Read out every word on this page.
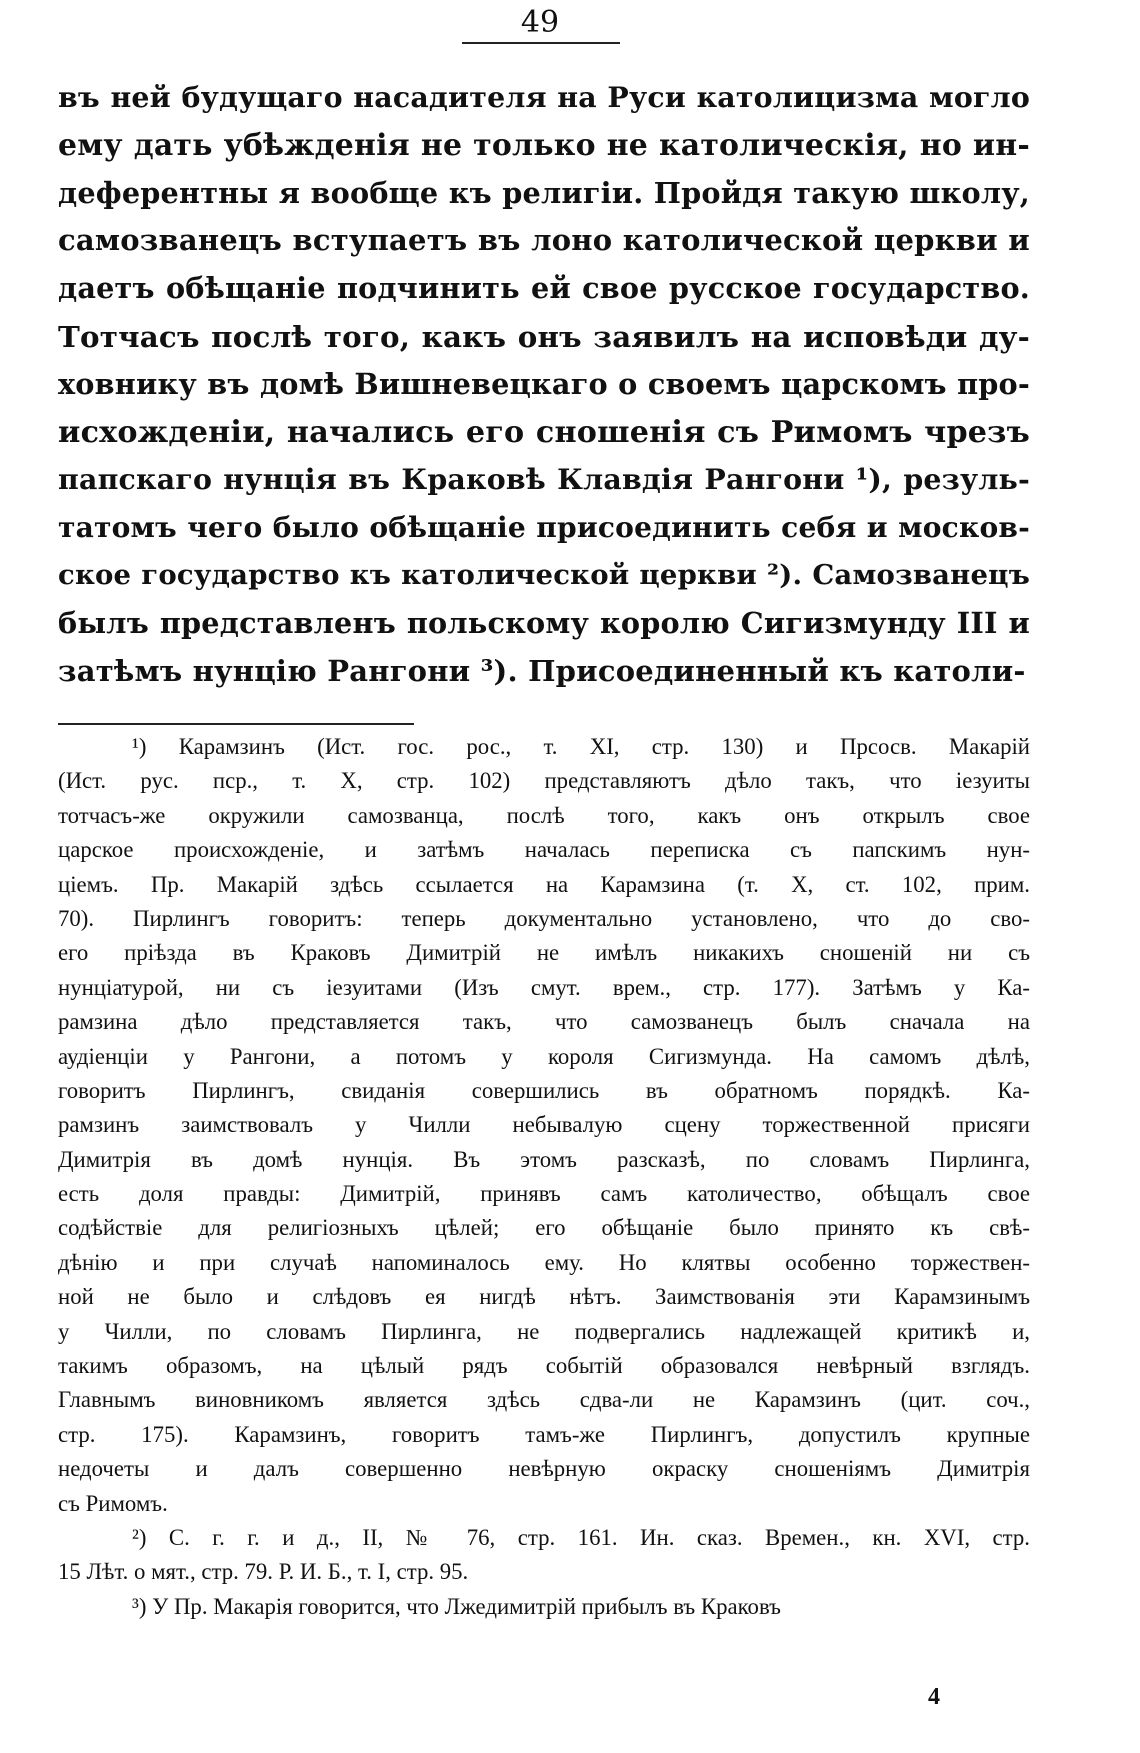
49
въ ней будущаго насадителя на Руси католицизма могло
ему дать убѣжденія не только не католическія, но ин-
деферентны я вообще къ религіи. Пройдя такую школу,
самозванецъ вступаетъ въ лоно католической церкви и
даетъ обѣщаніе подчинить ей свое русское государство.
Тотчасъ послѣ того, какъ онъ заявилъ на исповѣди ду-
ховнику въ домѣ Вишневецкаго о своемъ царскомъ про-
исхожденіи, начались его сношенія съ Римомъ чрезъ
папскаго нунція въ Краковѣ Клавдія Рангони ¹), резуль-
татомъ чего было обѣщаніе присоединить себя и москов-
ское государство къ католической церкви ²). Самозванецъ
былъ представленъ польскому королю Сигизмунду III и
затѣмъ нунцію Рангони ³). Присоединенный къ католи-
¹) Карамзинъ (Ист. гос. рос., т. XI, стр. 130) и Прсосв. Макарій
(Ист. рус. пср., т. X, стр. 102) представляютъ дѣло такъ, что іезуиты
тотчасъ-же окружили самозванца, послѣ того, какъ онъ открылъ свое
царское происхожденіе, и затѣмъ началась переписка съ папскимъ нун-
ціемъ. Пр. Макарій здѣсь ссылается на Карамзина (т. X, ст. 102, прим.
70). Пирлингъ говоритъ: теперь документально установлено, что до сво-
его пріѣзда въ Краковъ Димитрій не имѣлъ никакихъ сношеній ни съ
нунціатурой, ни съ іезуитами (Изъ смут. врем., стр. 177). Затѣмъ у Ка-
рамзина дѣло представляется такъ, что самозванецъ былъ сначала на
аудіенціи у Рангони, а потомъ у короля Сигизмунда. На самомъ дѣлѣ,
говоритъ Пирлингъ, свиданія совершились въ обратномъ порядкѣ. Ка-
рамзинъ заимствовалъ у Чилли небывалую сцену торжественной присяги
Димитрія въ домѣ нунція. Въ этомъ разсказѣ, по словамъ Пирлинга,
есть доля правды: Димитрій, принявъ самъ католичество, обѣщалъ свое
содѣйствіе для религіозныхъ цѣлей; его обѣщаніе было принято къ свѣ-
дѣнію и при случаѣ напоминалось ему. Но клятвы особенно торжествен-
ной не было и слѣдовъ ея нигдѣ нѣтъ. Заимствованія эти Карамзинымъ
у Чилли, по словамъ Пирлинга, не подвергались надлежащей критикѣ и,
такимъ образомъ, на цѣлый рядъ событій образовался невѣрный взглядъ.
Главнымъ виновникомъ является здѣсь сдва-ли не Карамзинъ (цит. соч.,
стр. 175). Карамзинъ, говоритъ тамъ-же Пирлингъ, допустилъ крупные
недочеты и далъ совершенно невѣрную окраску сношеніямъ Димитрія
съ Римомъ.
²) С. г. г. и д., II, № 76, стр. 161. Ин. сказ. Времен., кн. XVI, стр.
15 Лѣт. о мят., стр. 79. Р. И. Б., т. I, стр. 95.
³) У Пр. Макарія говорится, что Лжедимитрій прибылъ въ Краковъ
4
